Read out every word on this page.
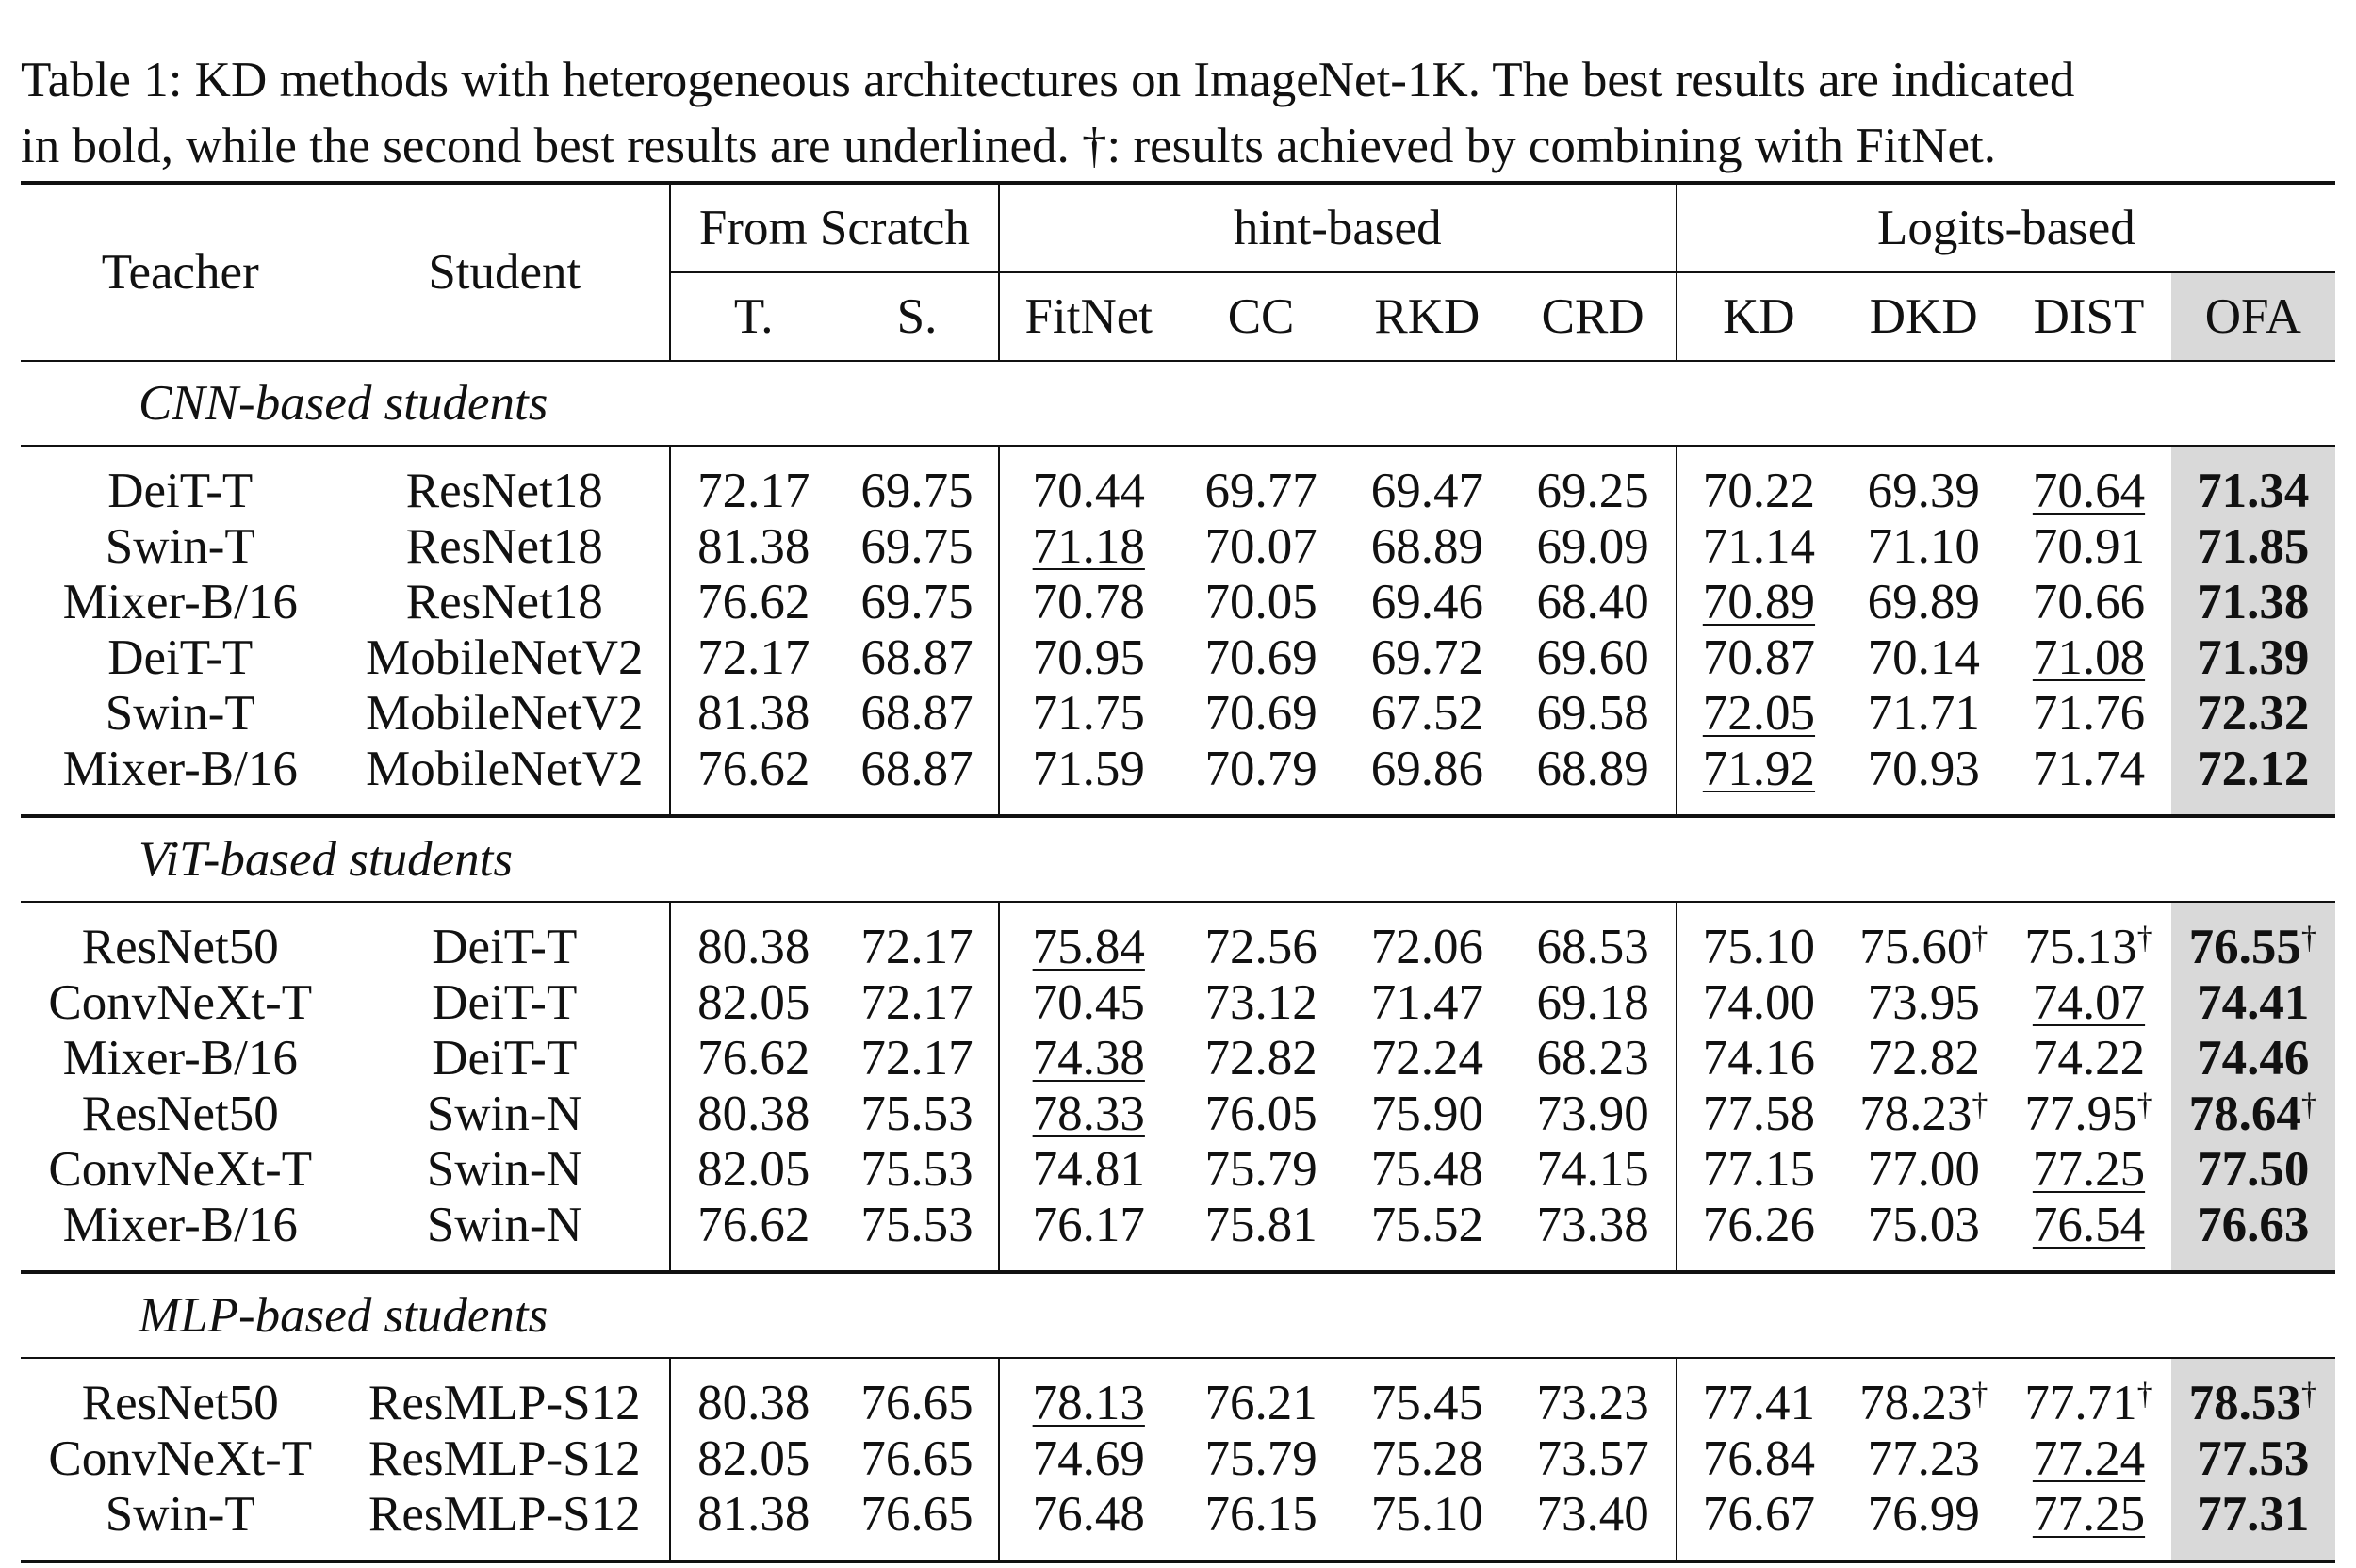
Table 1: KD methods with heterogeneous architectures on ImageNet-1K. The best results are indicated
in bold, while the second best results are underlined. †: results achieved by combining with FitNet.
Teacher	Student	From Scratch		hint-based				Logits-based			
		T.	S.	FitNet	CC	RKD	CRD	KD	DKD	DIST	OFA
CNN-based students											

DeiT-T	ResNet18	72.17	69.75	70.44	69.77	69.47	69.25	70.22	69.39	70.64	71.34
Swin-T	ResNet18	81.38	69.75	71.18	70.07	68.89	69.09	71.14	71.10	70.91	71.85
Mixer-B/16	ResNet18	76.62	69.75	70.78	70.05	69.46	68.40	70.89	69.89	70.66	71.38
DeiT-T	MobileNetV2	72.17	68.87	70.95	70.69	69.72	69.60	70.87	70.14	71.08	71.39
Swin-T	MobileNetV2	81.38	68.87	71.75	70.69	67.52	69.58	72.05	71.71	71.76	72.32
Mixer-B/16	MobileNetV2	76.62	68.87	71.59	70.79	69.86	68.89	71.92	70.93	71.74	72.12

ViT-based students											

ResNet50	DeiT-T	80.38	72.17	75.84	72.56	72.06	68.53	75.10	75.60†	75.13†	76.55†
ConvNeXt-T	DeiT-T	82.05	72.17	70.45	73.12	71.47	69.18	74.00	73.95	74.07	74.41
Mixer-B/16	DeiT-T	76.62	72.17	74.38	72.82	72.24	68.23	74.16	72.82	74.22	74.46
ResNet50	Swin-N	80.38	75.53	78.33	76.05	75.90	73.90	77.58	78.23†	77.95†	78.64†
ConvNeXt-T	Swin-N	82.05	75.53	74.81	75.79	75.48	74.15	77.15	77.00	77.25	77.50
Mixer-B/16	Swin-N	76.62	75.53	76.17	75.81	75.52	73.38	76.26	75.03	76.54	76.63

MLP-based students											

ResNet50	ResMLP-S12	80.38	76.65	78.13	76.21	75.45	73.23	77.41	78.23†	77.71†	78.53†
ConvNeXt-T	ResMLP-S12	82.05	76.65	74.69	75.79	75.28	73.57	76.84	77.23	77.24	77.53
Swin-T	ResMLP-S12	81.38	76.65	76.48	76.15	75.10	73.40	76.67	76.99	77.25	77.31
